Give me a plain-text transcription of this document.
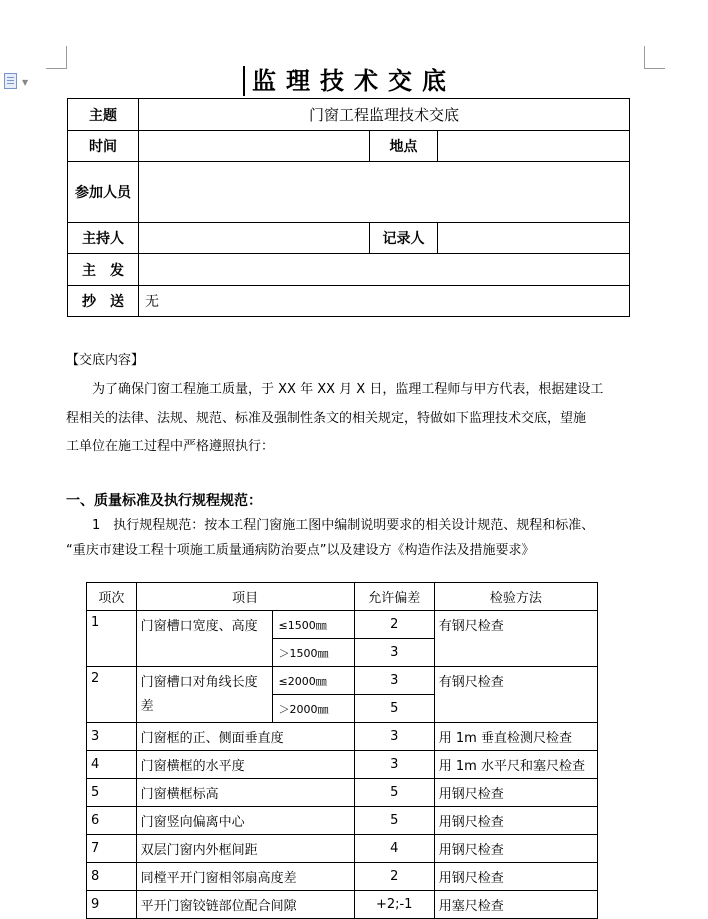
▼	监理技术交底
主题	门窗工程监理技术交底		
时间		地点	
参加人员			
主持人		记录人	
主　发			
抄　送	无		
【交底内容】
为了确保门窗工程施工质量，于 XX 年 XX 月 X 日，监理工程师与甲方代表，根据建设工
程相关的法律、法规、规范、标准及强制性条文的相关规定，特做如下监理技术交底，望施
工单位在施工过程中严格遵照执行：
一、质量标准及执行规程规范：
1　执行规程规范：按本工程门窗施工图中编制说明要求的相关设计规范、规程和标准、
“重庆市建设工程十项施工质量通病防治要点”以及建设方《构造作法及措施要求》
项次	项目		允许偏差	检验方法
1	门窗槽口宽度、高度	≤1500㎜	2	有钢尺检查
		＞1500㎜	3	
2	门窗槽口对角线长度差	≤2000㎜	3	有钢尺检查
		＞2000㎜	5	
3	门窗框的正、侧面垂直度		3	用 1m 垂直检测尺检查
4	门窗横框的水平度		3	用 1m 水平尺和塞尺检查
5	门窗横框标高		5	用钢尺检查
6	门窗竖向偏离中心		5	用钢尺检查
7	双层门窗内外框间距		4	用钢尺检查
8	同樘平开门窗相邻扇高度差		2	用钢尺检查
9	平开门窗铰链部位配合间隙		+2;-1	用塞尺检查
